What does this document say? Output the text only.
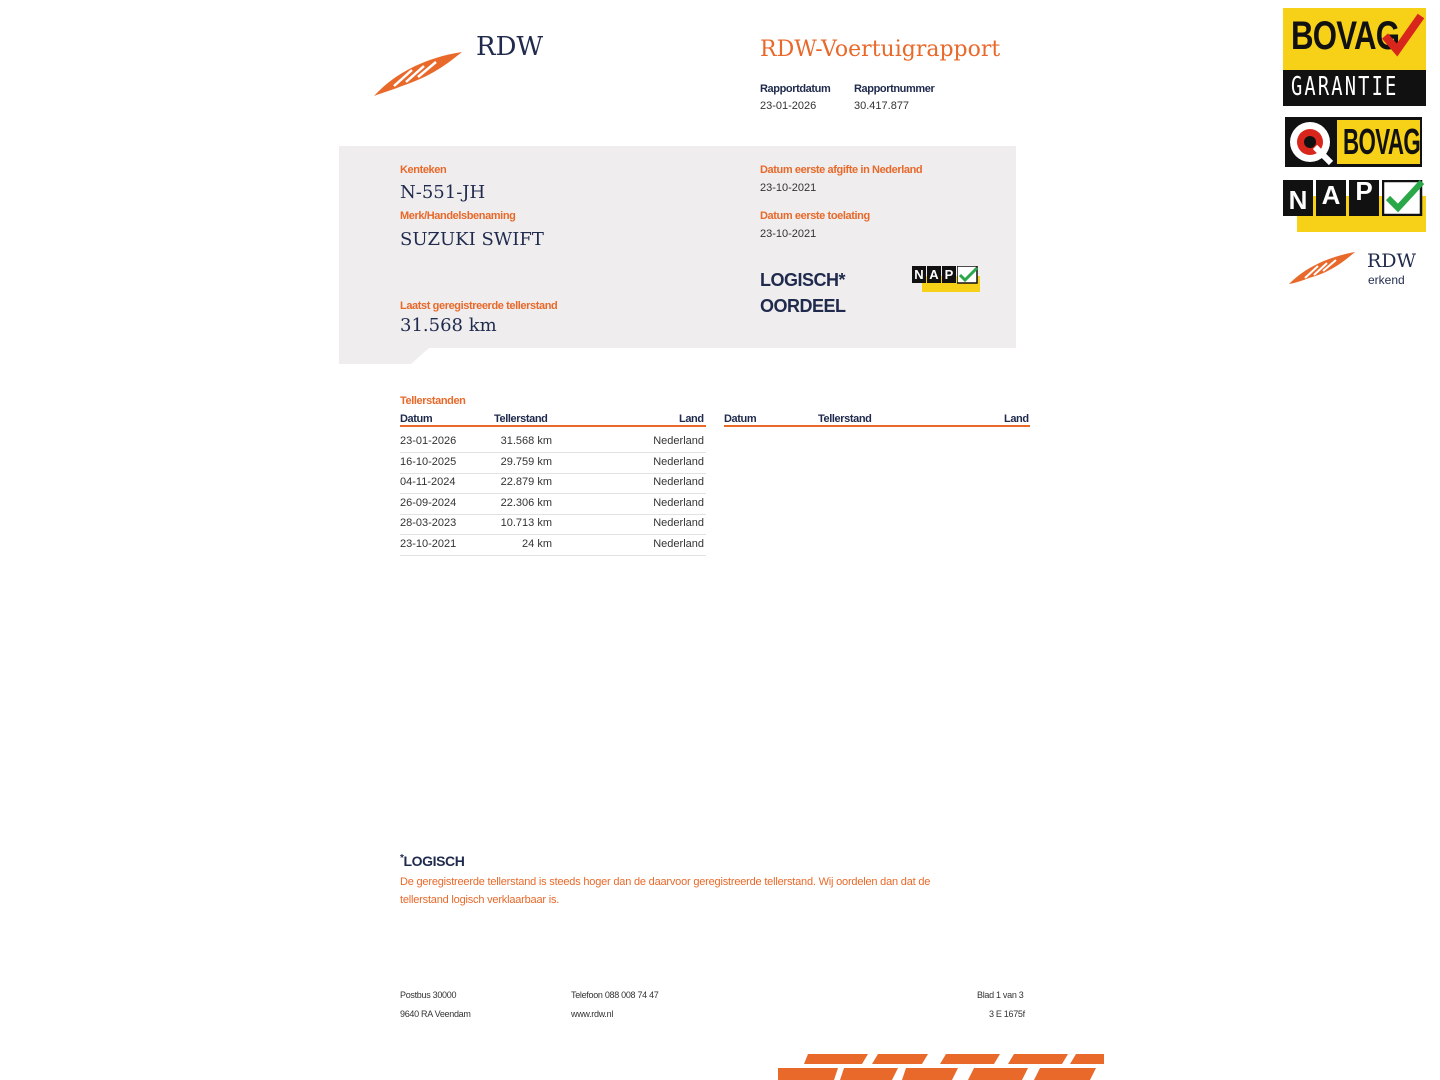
RDW	RDW-Voertuigrapport
Rapportdatum
23-01-2026
Rapportnummer
30.417.877
Kenteken
N-551-JH
Merk/Handelsbenaming
SUZUKI SWIFT
Laatst geregistreerde tellerstand
31.568 km
Datum eerste afgifte in Nederland
23-10-2021
Datum eerste toelating
23-10-2021
LOGISCH*
OORDEEL
N A P
Tellerstanden
Datum	Tellerstand	Land Datum	Tellerstand	Land
23-01-2026	31.568 km	Nederland
16-10-2025	29.759 km	Nederland
04-11-2024	22.879 km	Nederland
26-09-2024	22.306 km	Nederland
28-03-2023	10.713 km	Nederland
23-10-2021	24 km	Nederland
*LOGISCH
De geregistreerde tellerstand is steeds hoger dan de daarvoor geregistreerde tellerstand. Wij oordelen dan dat de
tellerstand logisch verklaarbaar is.
Postbus 30000
9640 RA Veendam
Telefoon 088 008 74 47
www.rdw.nl
Blad 1 van 3
3 E 1675f
BOVAG
GARANTIE
BOVAG
N A P
RDW
erkend
